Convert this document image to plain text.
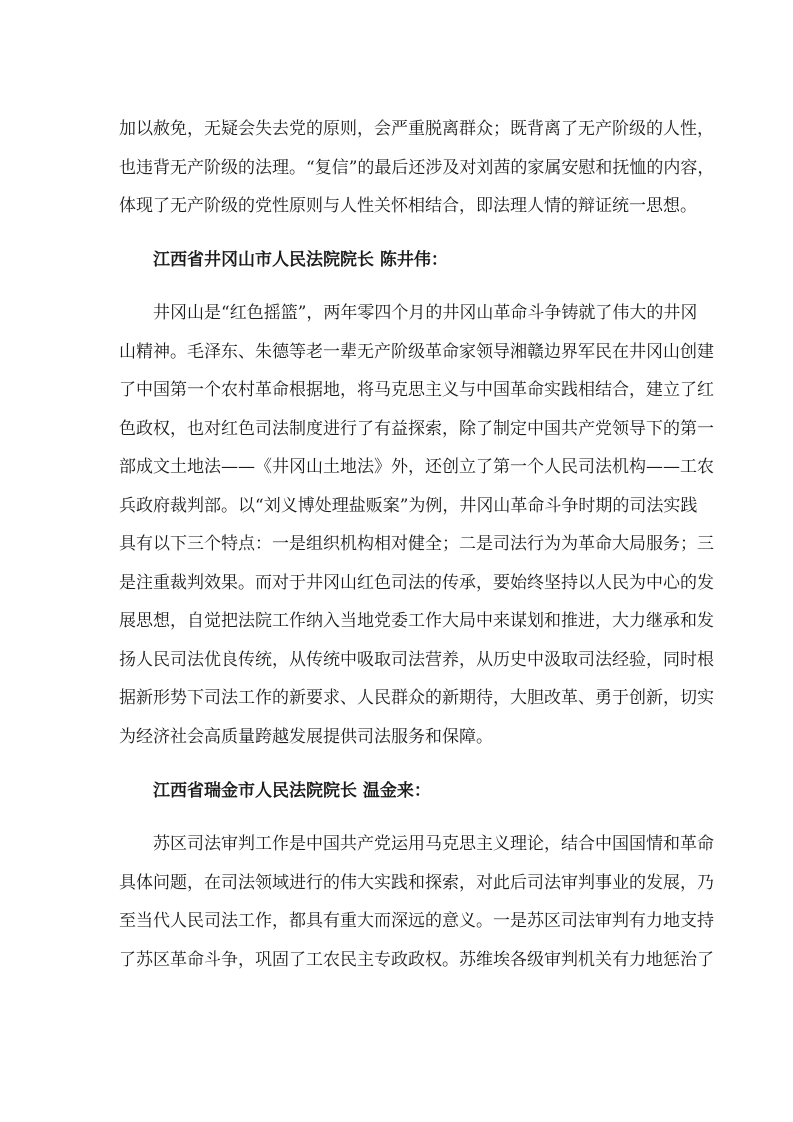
加以赦免，无疑会失去党的原则，会严重脱离群众；既背离了无产阶级的人性，
也违背无产阶级的法理。“复信”的最后还涉及对刘茜的家属安慰和抚恤的内容，
体现了无产阶级的党性原则与人性关怀相结合，即法理人情的辩证统一思想。
江西省井冈山市人民法院院长 陈井伟：
井冈山是“红色摇篮”，两年零四个月的井冈山革命斗争铸就了伟大的井冈
山精神。毛泽东、朱德等老一辈无产阶级革命家领导湘赣边界军民在井冈山创建
了中国第一个农村革命根据地，将马克思主义与中国革命实践相结合，建立了红
色政权，也对红色司法制度进行了有益探索，除了制定中国共产党领导下的第一
部成文土地法——《井冈山土地法》外，还创立了第一个人民司法机构——工农
兵政府裁判部。以“刘义博处理盐贩案”为例，井冈山革命斗争时期的司法实践
具有以下三个特点：一是组织机构相对健全；二是司法行为为革命大局服务；三
是注重裁判效果。而对于井冈山红色司法的传承，要始终坚持以人民为中心的发
展思想，自觉把法院工作纳入当地党委工作大局中来谋划和推进，大力继承和发
扬人民司法优良传统，从传统中吸取司法营养，从历史中汲取司法经验，同时根
据新形势下司法工作的新要求、人民群众的新期待，大胆改革、勇于创新，切实
为经济社会高质量跨越发展提供司法服务和保障。
江西省瑞金市人民法院院长 温金来：
苏区司法审判工作是中国共产党运用马克思主义理论，结合中国国情和革命
具体问题，在司法领域进行的伟大实践和探索，对此后司法审判事业的发展，乃
至当代人民司法工作，都具有重大而深远的意义。一是苏区司法审判有力地支持
了苏区革命斗争，巩固了工农民主专政政权。苏维埃各级审判机关有力地惩治了
